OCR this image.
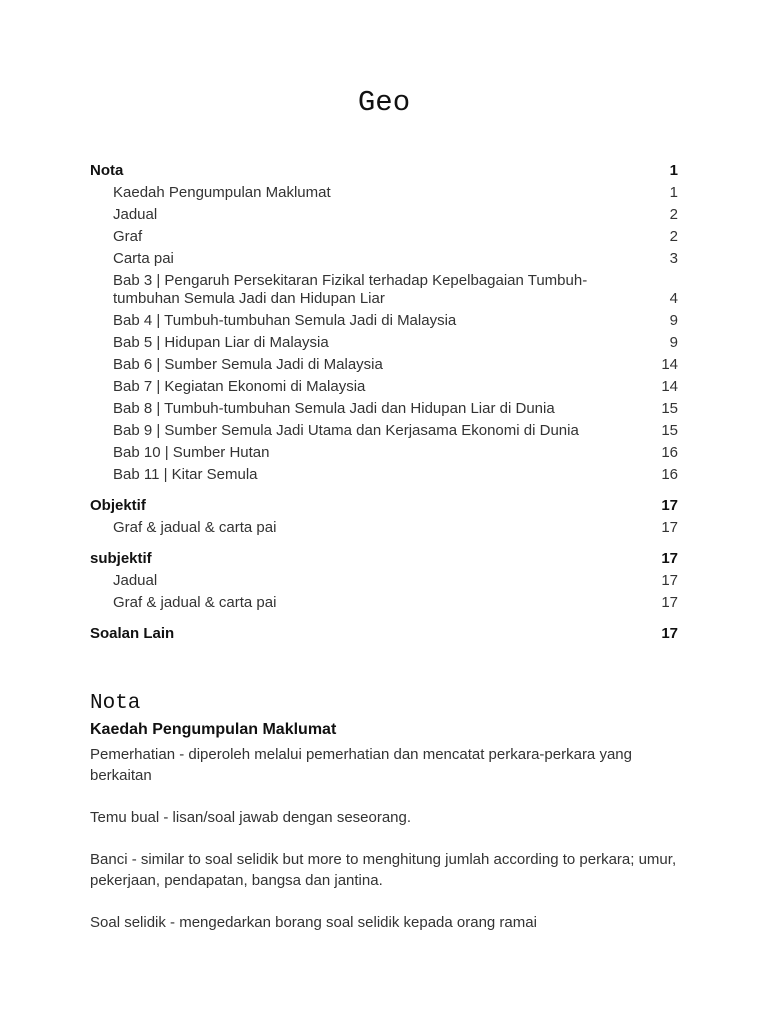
Geo
Nota	1
Kaedah Pengumpulan Maklumat	1
Jadual	2
Graf	2
Carta pai	3
Bab 3 | Pengaruh Persekitaran Fizikal terhadap Kepelbagaian Tumbuh-tumbuhan Semula Jadi dan Hidupan Liar	4
Bab 4 | Tumbuh-tumbuhan Semula Jadi di Malaysia	9
Bab 5 | Hidupan Liar di Malaysia	9
Bab 6 | Sumber Semula Jadi di Malaysia	14
Bab 7 | Kegiatan Ekonomi di Malaysia	14
Bab 8 | Tumbuh-tumbuhan Semula Jadi dan Hidupan Liar di Dunia	15
Bab 9 | Sumber Semula Jadi Utama dan Kerjasama Ekonomi di Dunia	15
Bab 10 | Sumber Hutan	16
Bab 11 | Kitar Semula	16
Objektif	17
Graf & jadual & carta pai	17
subjektif	17
Jadual	17
Graf & jadual & carta pai	17
Soalan Lain	17
Nota
Kaedah Pengumpulan Maklumat

Pemerhatian - diperoleh melalui pemerhatian dan mencatat perkara-perkara yang berkaitan

Temu bual - lisan/soal jawab dengan seseorang.

Banci - similar to soal selidik but more to menghitung jumlah according to perkara; umur, pekerjaan, pendapatan, bangsa dan jantina.

Soal selidik - mengedarkan borang soal selidik kepada orang ramai
